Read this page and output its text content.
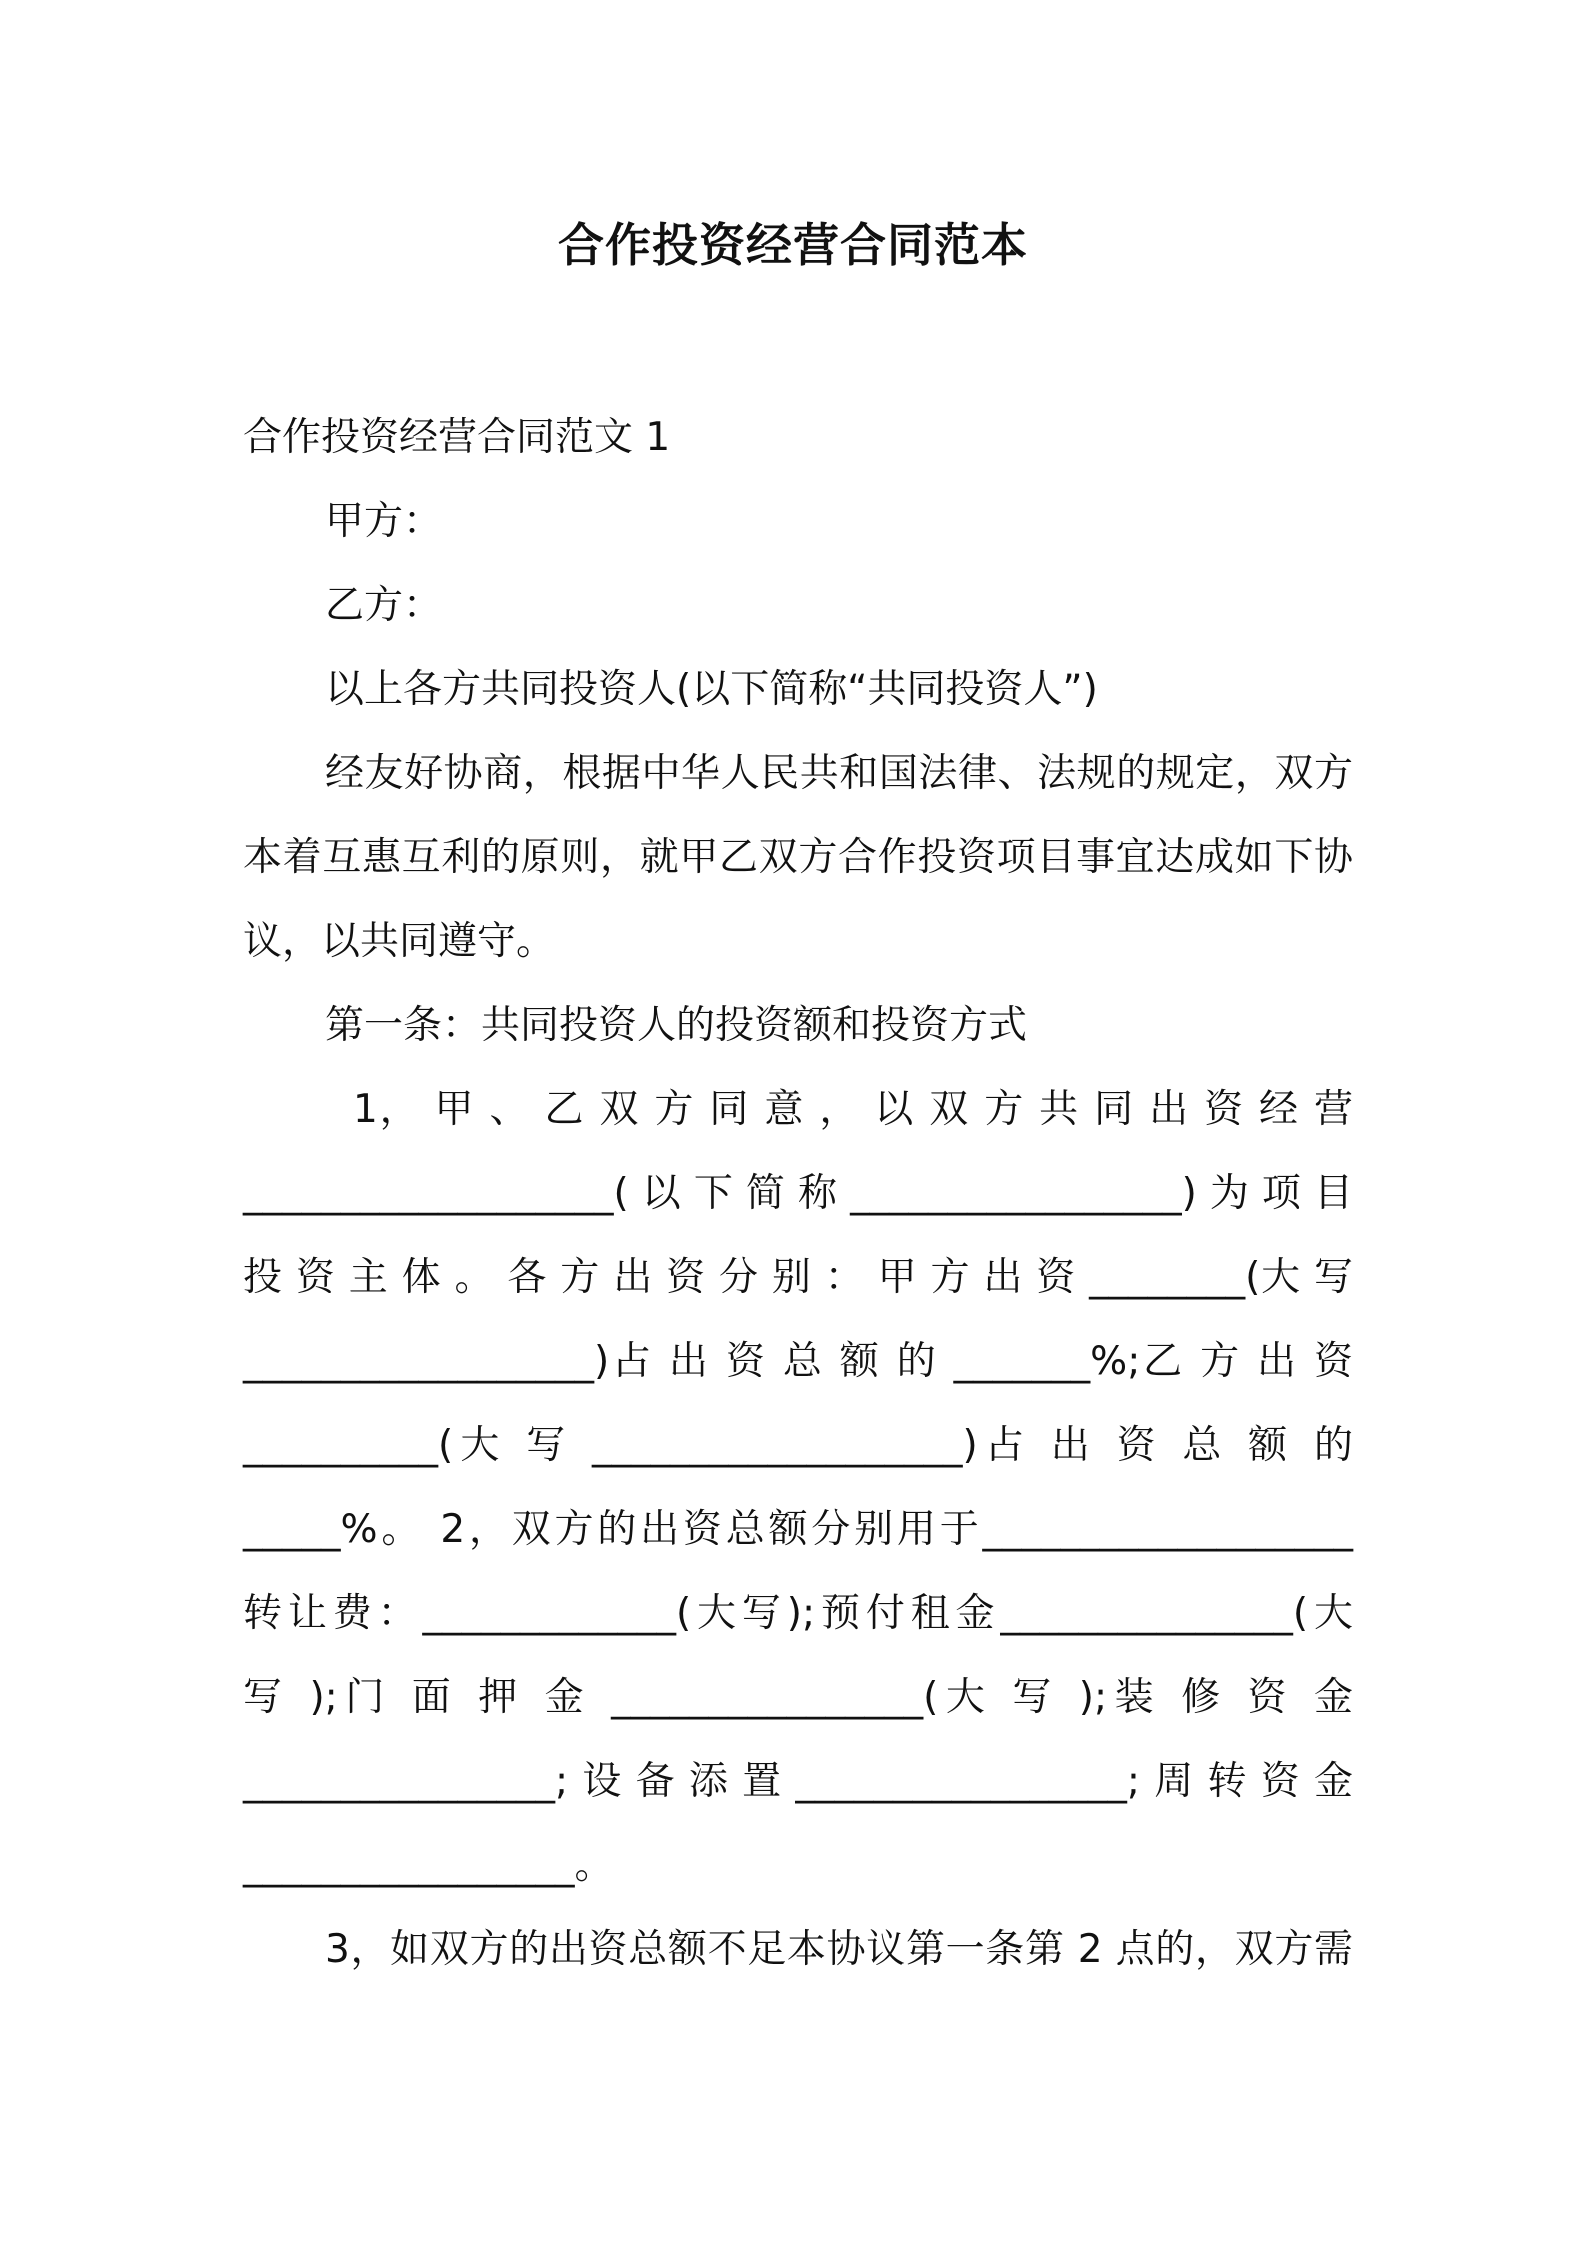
合作投资经营合同范本
合作投资经营合同范文 1
甲方：
乙方：
以上各方共同投资人(以下简称“共同投资人”)
经友好协商，根据中华人民共和国法律、法规的规定，双方
本着互惠互利的原则，就甲乙双方合作投资项目事宜达成如下协
议，以共同遵守。
第一条：共同投资人的投资额和投资方式
1， 甲 、 乙 双 方 同 意 ， 以 双 方 共 同 出 资 经 营
___________________(以下简称_________________)为项目
投 资 主 体 。 各 方 出 资 分 别 ： 甲 方 出 资 ________(大 写
__________________)占 出 资 总 额 的 _______%;乙 方 出 资
__________(大 写 ___________________)占 出 资 总 额 的
_____%。 2，双方的出资总额分别用于___________________
转让费：_____________(大写);预付租金_______________(大
写 );门 面 押 金 ________________(大 写 );装 修 资 金
________________;设备添置_________________;周转资金
_________________。
3，如双方的出资总额不足本协议第一条第 2 点的，双方需
